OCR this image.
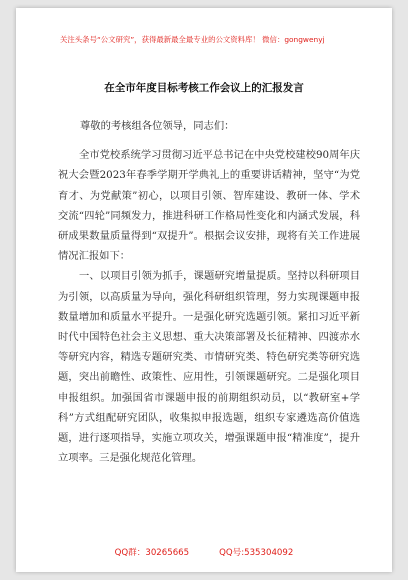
关注头条号“公文研究”，获得最新最全最专业的公文资料库！ 微信：gongwenyj
在全市年度目标考核工作会议上的汇报发言

尊敬的考核组各位领导，同志们：

全市党校系统学习贯彻习近平总书记在中央党校建校90周年庆祝大会暨2023年春季学期开学典礼上的重要讲话精神，坚守“为党育才、为党献策”初心，以项目引领、智库建设、教研一体、学术交流“四轮”同频发力，推进科研工作格局性变化和内涵式发展，科研成果数量质量得到“双提升”。根据会议安排，现将有关工作进展情况汇报如下：

一、以项目引领为抓手，课题研究增量提质。坚持以科研项目为引领，以高质量为导向，强化科研组织管理，努力实现课题申报数量增加和质量水平提升。一是强化研究选题引领。紧扣习近平新时代中国特色社会主义思想、重大决策部署及长征精神、四渡赤水等研究内容，精选专题研究类、市情研究类、特色研究类等研究选题，突出前瞻性、政策性、应用性，引领课题研究。二是强化项目申报组织。加强国省市课题申报的前期组织动员，以“教研室+学科”方式组配研究团队，收集拟申报选题，组织专家遴选高价值选题，进行逐项指导，实施立项攻关，增强课题申报“精准度”，提升立项率。三是强化规范化管理。

QQ群：30265665	QQ号:535304092
